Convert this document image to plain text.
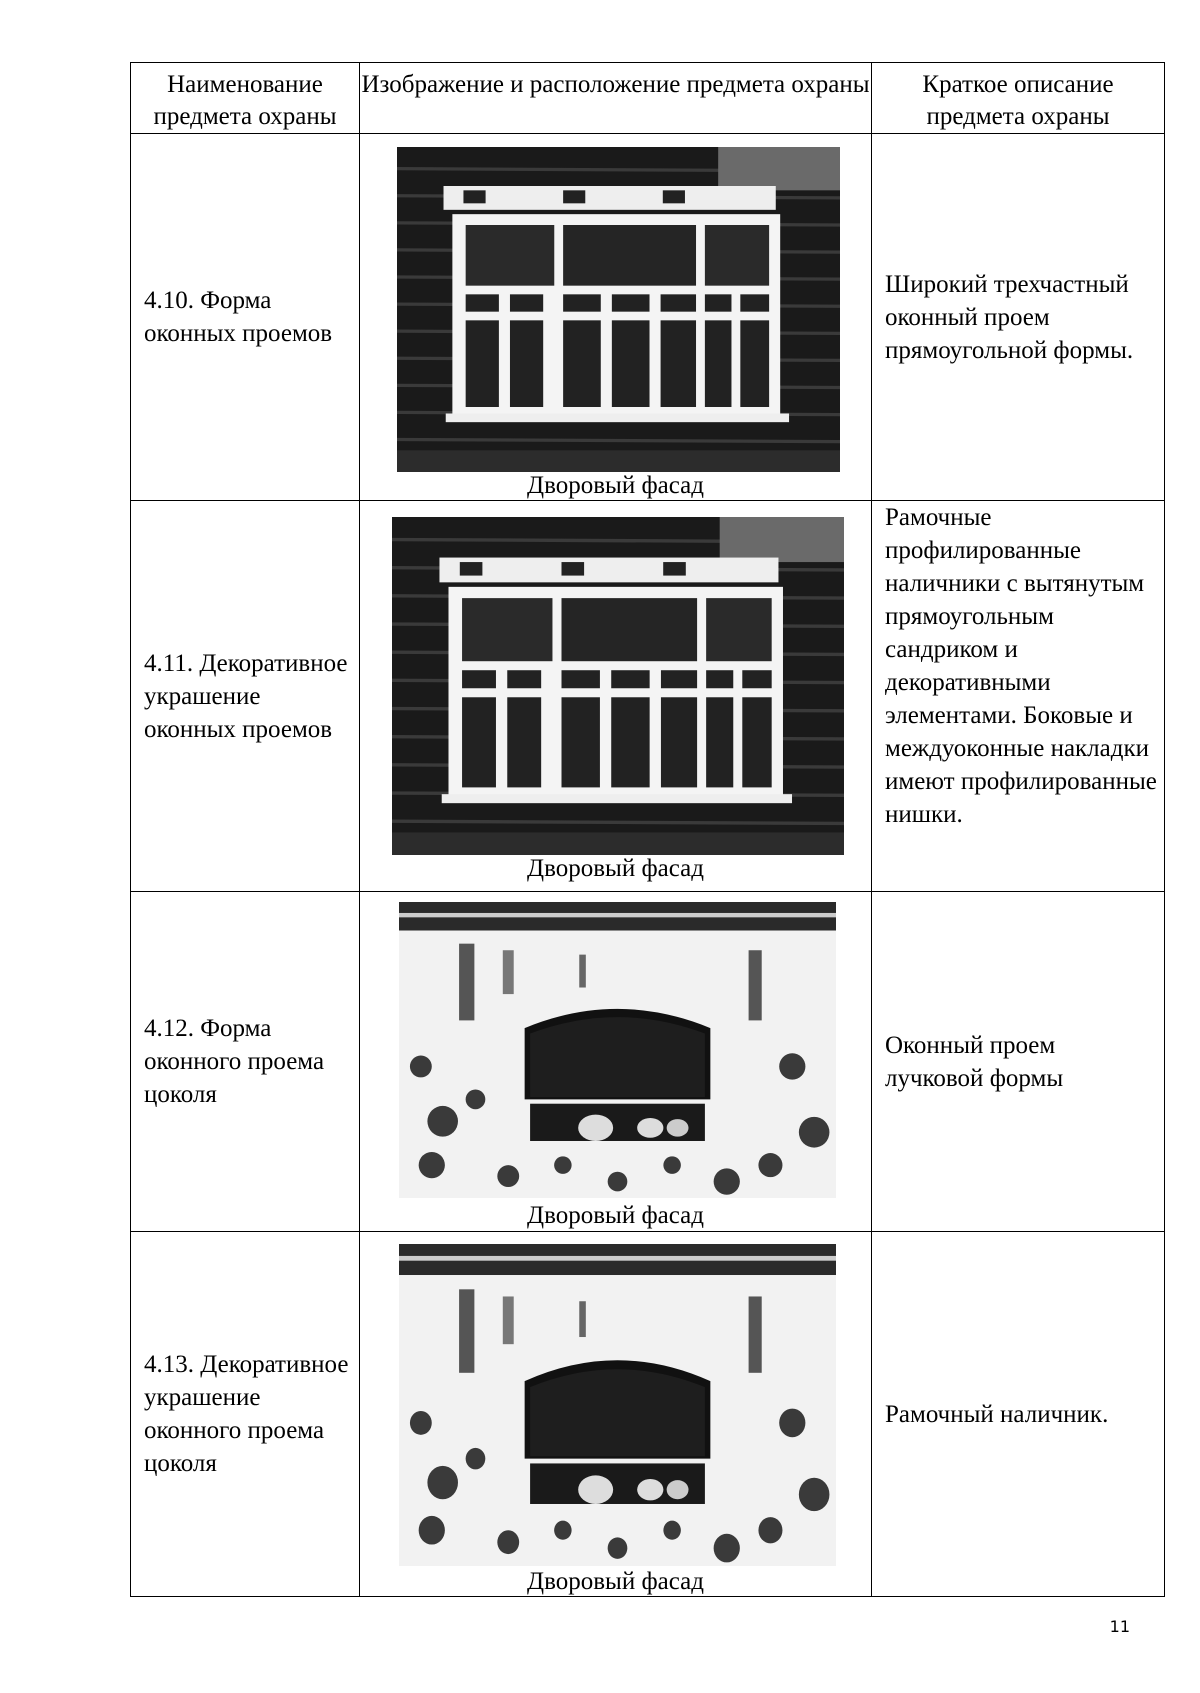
Наименование предмета охраны	Изображение и расположение предмета охраны	Краткое описание предмета охраны
4.10. Форма оконных проемов	Дворовый фасад	Широкий трехчастный оконный проем прямоугольной формы.
4.11. Декоративное украшение оконных проемов	Дворовый фасад	Рамочные профилированные наличники с вытянутым прямоугольным сандриком и декоративными элементами. Боковые и междуоконные накладки имеют профилированные нишки.
4.12. Форма оконного проема цоколя	Дворовый фасад	Оконный проем лучковой формы
4.13. Декоративное украшение оконного проема цоколя	Дворовый фасад	Рамочный наличник.
11
